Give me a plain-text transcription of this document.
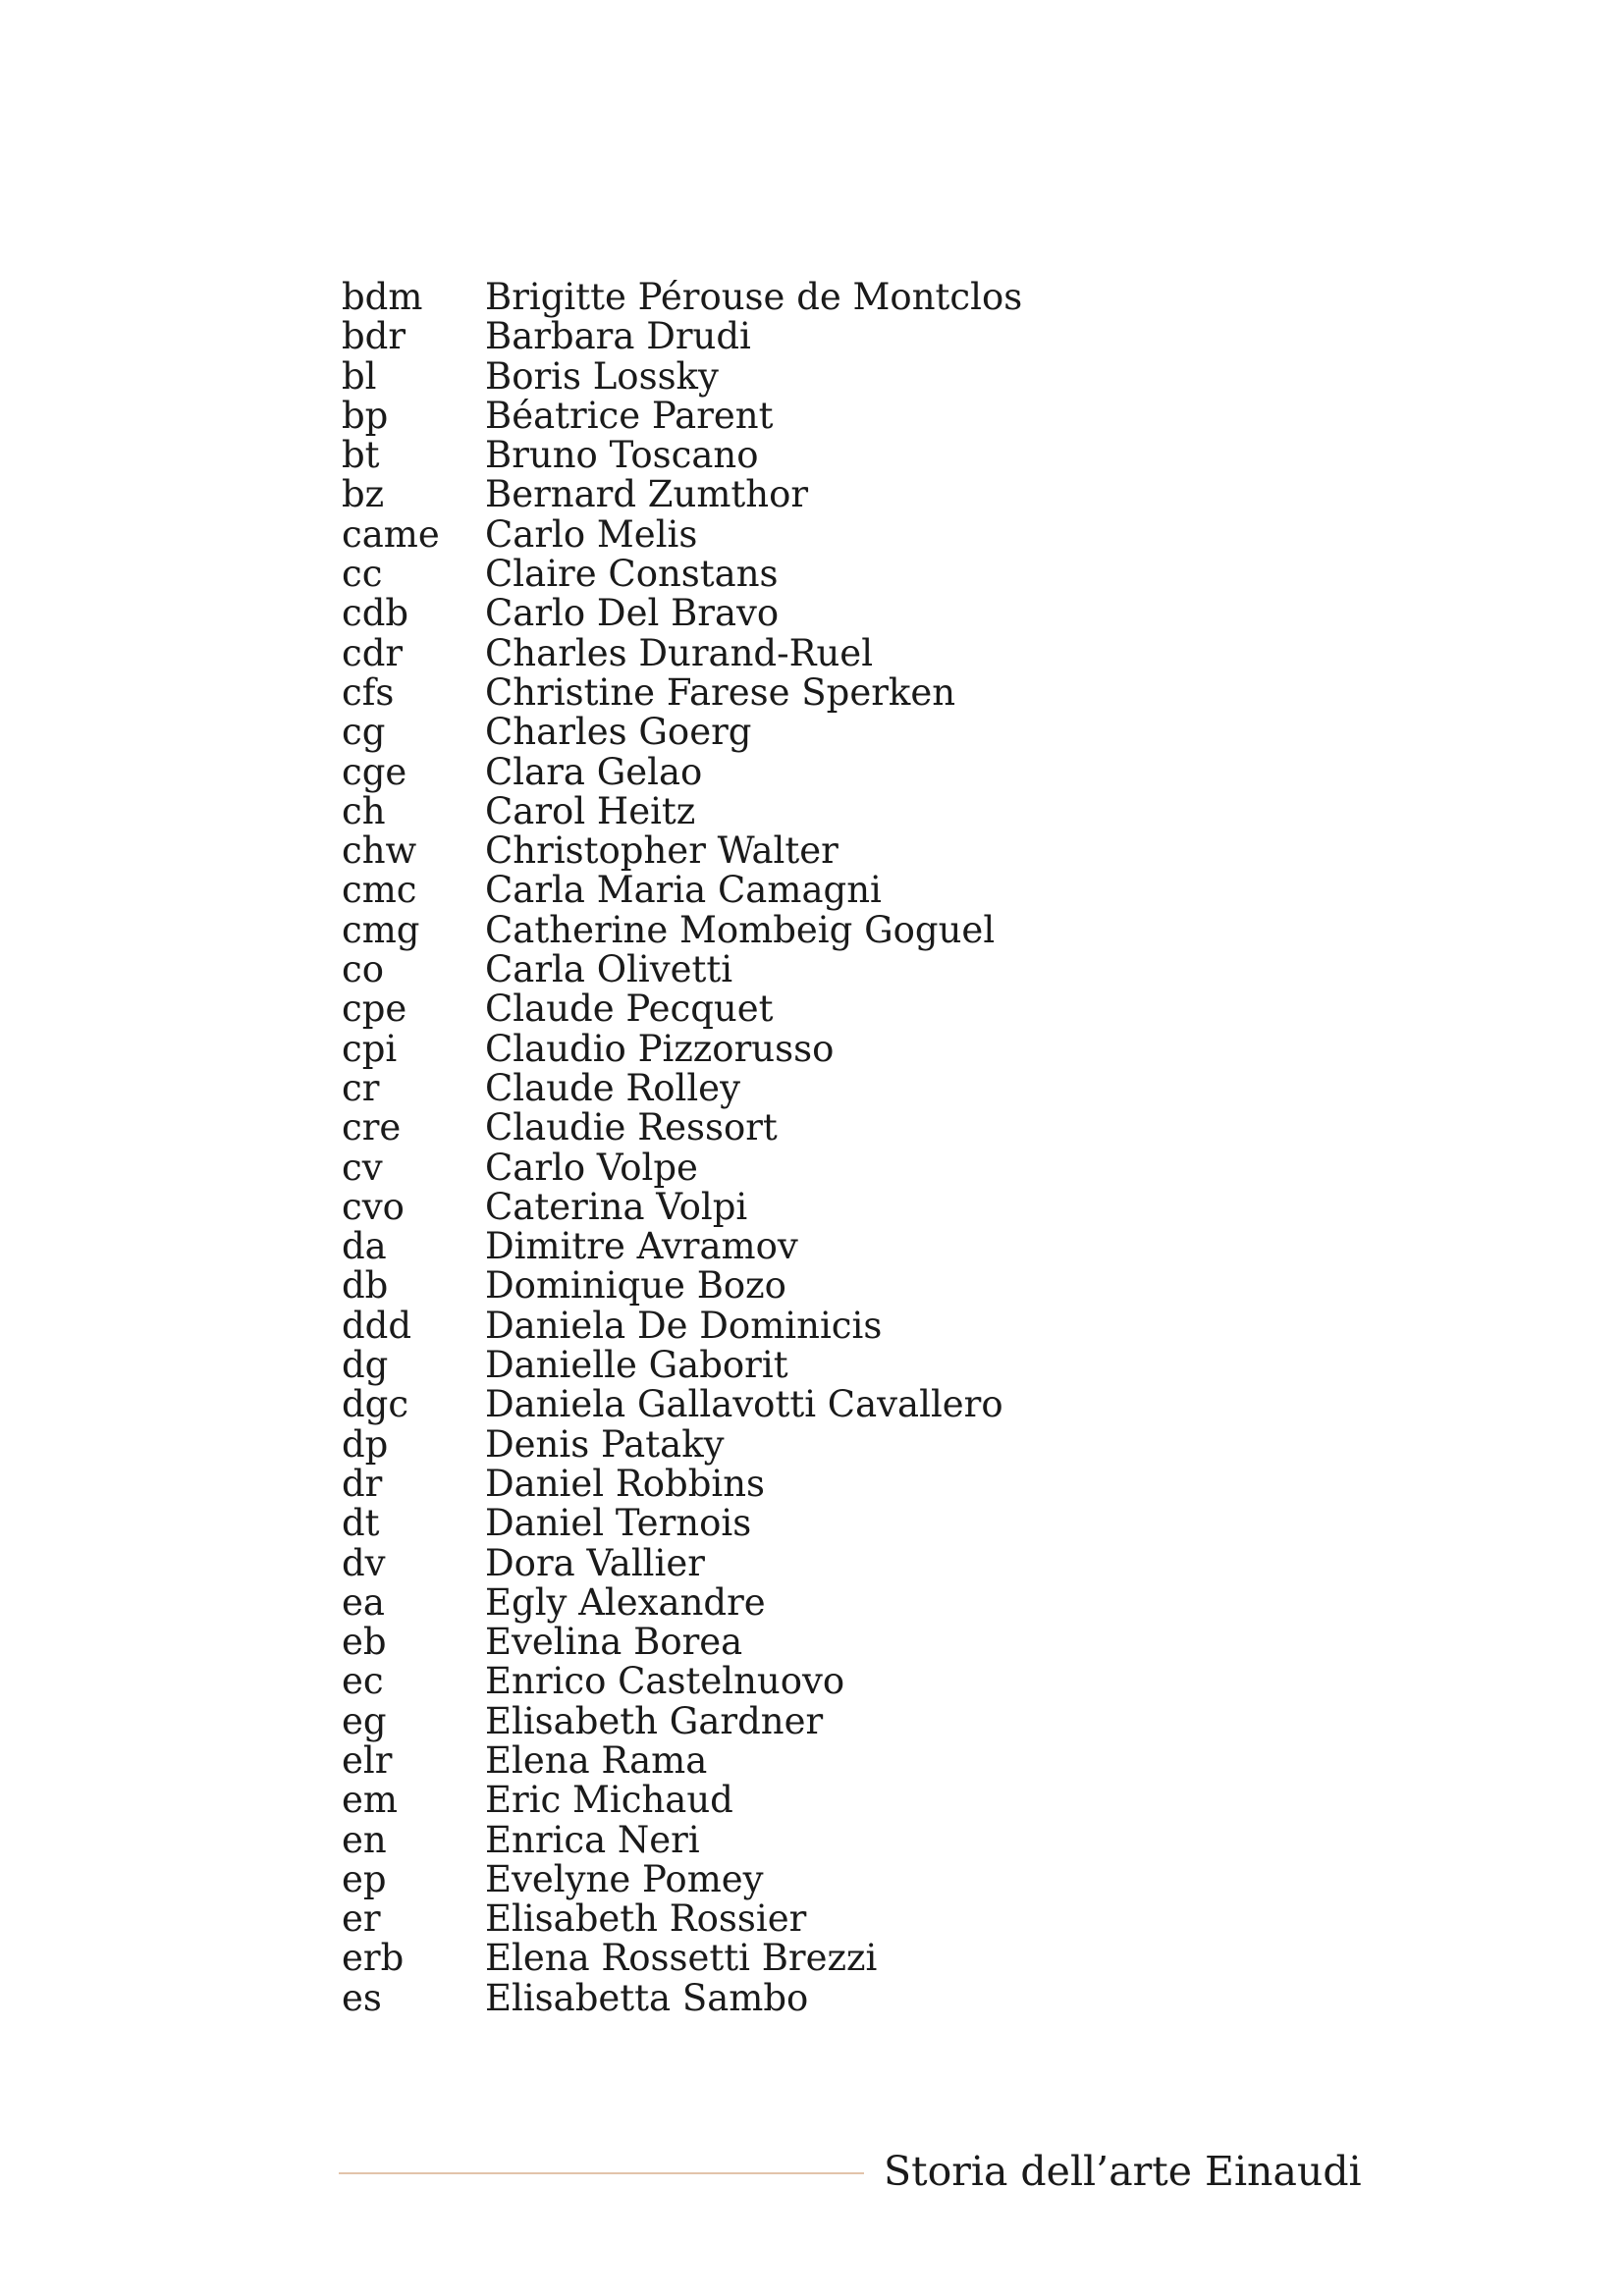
bdm	Brigitte Pérouse de Montclos
bdr	Barbara Drudi
bl	Boris Lossky
bp	Béatrice Parent
bt	Bruno Toscano
bz	Bernard Zumthor
came	Carlo Melis
cc	Claire Constans
cdb	Carlo Del Bravo
cdr	Charles Durand-Ruel
cfs	Christine Farese Sperken
cg	Charles Goerg
cge	Clara Gelao
ch	Carol Heitz
chw	Christopher Walter
cmc	Carla Maria Camagni
cmg	Catherine Mombeig Goguel
co	Carla Olivetti
cpe	Claude Pecquet
cpi	Claudio Pizzorusso
cr	Claude Rolley
cre	Claudie Ressort
cv	Carlo Volpe
cvo	Caterina Volpi
da	Dimitre Avramov
db	Dominique Bozo
ddd	Daniela De Dominicis
dg	Danielle Gaborit
dgc	Daniela Gallavotti Cavallero
dp	Denis Pataky
dr	Daniel Robbins
dt	Daniel Ternois
dv	Dora Vallier
ea	Egly Alexandre
eb	Evelina Borea
ec	Enrico Castelnuovo
eg	Elisabeth Gardner
elr	Elena Rama
em	Eric Michaud
en	Enrica Neri
ep	Evelyne Pomey
er	Elisabeth Rossier
erb	Elena Rossetti Brezzi
es	Elisabetta Sambo
Storia dell’arte Einaudi
